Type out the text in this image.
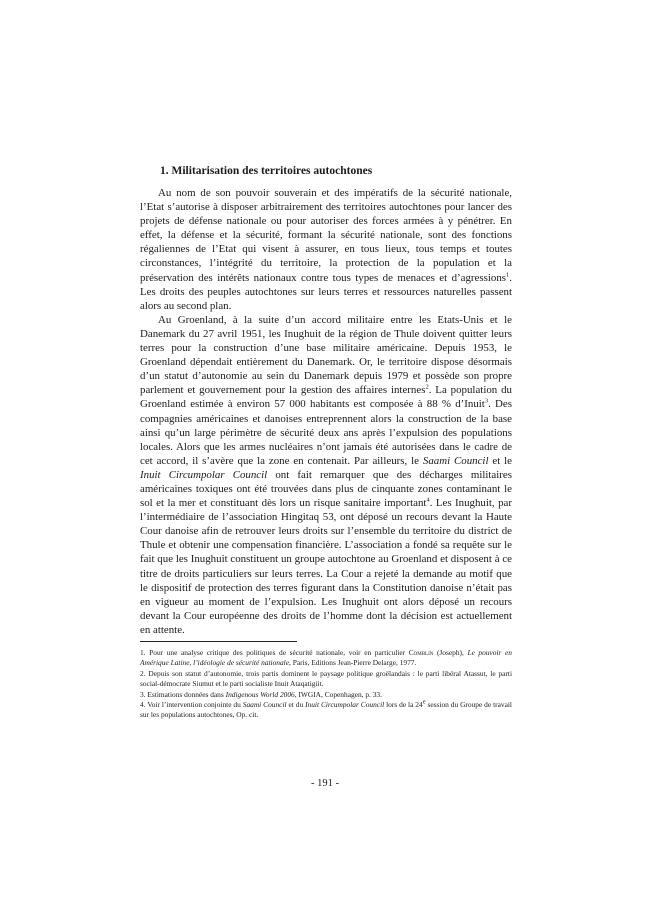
1. Militarisation des territoires autochtones

Au nom de son pouvoir souverain et des impératifs de la sécurité nationale, l’Etat s’autorise à disposer arbitrairement des territoires autochtones pour lancer des projets de défense nationale ou pour autoriser des forces armées à y pénétrer. En effet, la défense et la sécurité, formant la sécurité nationale, sont des fonctions régaliennes de l’Etat qui visent à assurer, en tous lieux, tous temps et toutes circonstances, l’intégrité du territoire, la protection de la population et la préservation des intérêts nationaux contre tous types de menaces et d’agressions$^1$. Les droits des peuples autochtones sur leurs terres et ressources naturelles passent alors au second plan.

Au Groenland, à la suite d’un accord militaire entre les Etats-Unis et le Danemark du 27 avril 1951, les Inughuit de la région de Thule doivent quitter leurs terres pour la construction d’une base militaire américaine. Depuis 1953, le Groenland dépendait entièrement du Danemark. Or, le territoire dispose désormais d’un statut d’autonomie au sein du Danemark depuis 1979 et possède son propre parlement et gouvernement pour la gestion des affaires internes$^2$. La population du Groenland estimée à environ 57 000 habitants est composée à 88 % d’Inuit$^3$. Des compagnies américaines et danoises entreprennent alors la construction de la base ainsi qu’un large périmètre de sécurité deux ans après l’expulsion des populations locales. Alors que les armes nucléaires n’ont jamais été autorisées dans le cadre de cet accord, il s’avère que la zone en contenait. Par ailleurs, le Saami Council et le Inuit Circumpolar Council ont fait remarquer que des décharges militaires américaines toxiques ont été trouvées dans plus de cinquante zones contaminant le sol et la mer et constituant dès lors un risque sanitaire important$^4$. Les Inughuit, par l’intermédiaire de l’association Hingitaq 53, ont déposé un recours devant la Haute Cour danoise afin de retrouver leurs droits sur l’ensemble du territoire du district de Thule et obtenir une compensation financière. L’association a fondé sa requête sur le fait que les Inughuit constituent un groupe autochtone au Groenland et disposent à ce titre de droits particuliers sur leurs terres. La Cour a rejeté la demande au motif que le dispositif de protection des terres figurant dans la Constitution danoise n’était pas en vigueur au moment de l’expulsion. Les Inughuit ont alors déposé un recours devant la Cour européenne des droits de l’homme dont la décision est actuellement en attente.

1. Pour une analyse critique des politiques de sécurité nationale, voir en particulier Comblin (Joseph), Le pouvoir en Amérique Latine, l’idéologie de sécurité nationale, Paris, Editions Jean-Pierre Delarge, 1977.

2. Depuis son statut d’autonomie, trois partis dominent le paysage politique groëlandais : le parti libéral Atassut, le parti social-démocrate Siumut et le parti socialiste Inuit Ataqatigiit.

3. Estimations données dans Indigenous World 2006, IWGIA, Copenhagen, p. 33.

4. Voir l’intervention conjointe du Saami Council et du Inuit Circumpolar Council lors de la 24e session du Groupe de travail sur les populations autochtones, Op. cit.

- 191 -
